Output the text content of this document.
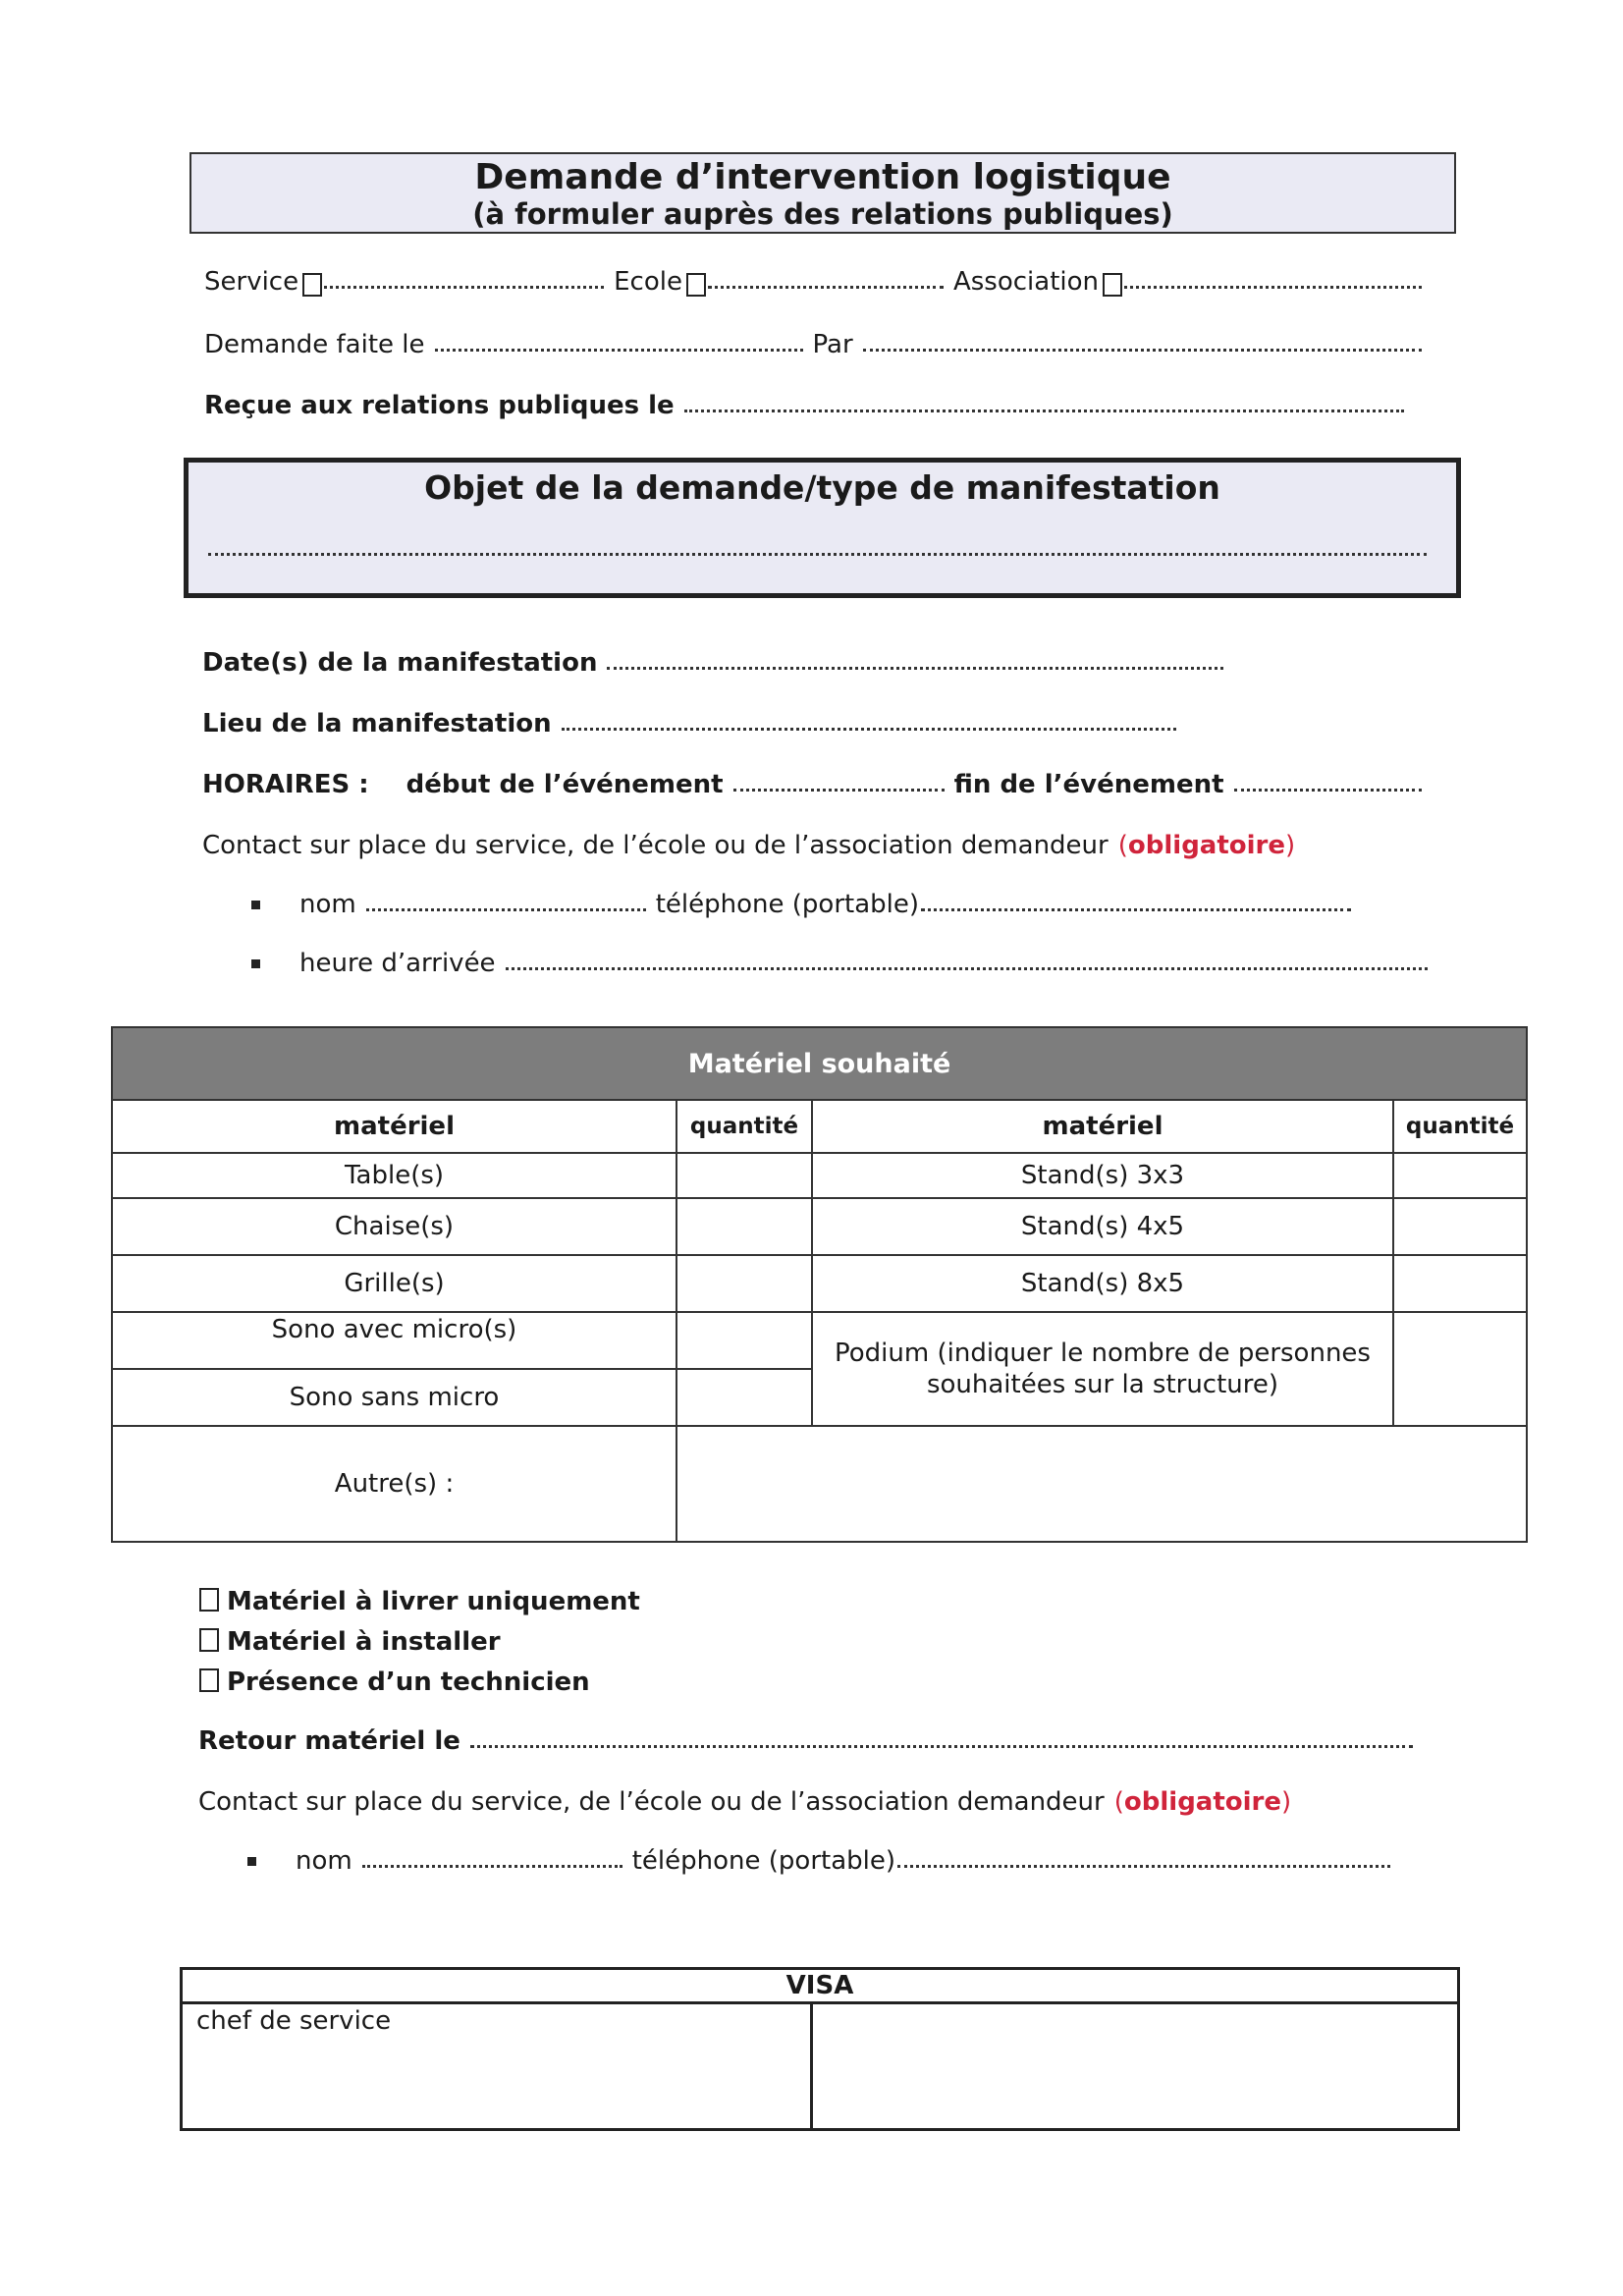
Demande d’intervention logistique
(à formuler auprès des relations publiques)
Service	Ecole	Association
Demande faite le	Par
Reçue aux relations publiques le
Objet de la demande/type de manifestation
Date(s) de la manifestation
Lieu de la manifestation
HORAIRES : début de l’événement	fin de l’événement
Contact sur place du service, de l’école ou de l’association demandeur (obligatoire)
nom	téléphone (portable)
heure d’arrivée
Matériel souhaité			
matériel	quantité	matériel	quantité
Table(s)		Stand(s) 3x3	
Chaise(s)		Stand(s) 4x5	
Grille(s)		Stand(s) 8x5	
Sono avec micro(s)		Podium (indiquer le nombre de personnes
souhaitées sur la structure)	

Sono sans micro			
Autre(s) :			
Matériel à livrer uniquement
Matériel à installer
Présence d’un technicien
Retour matériel le
Contact sur place du service, de l’école ou de l’association demandeur (obligatoire)
nom	téléphone (portable)
VISA
chef de service	
